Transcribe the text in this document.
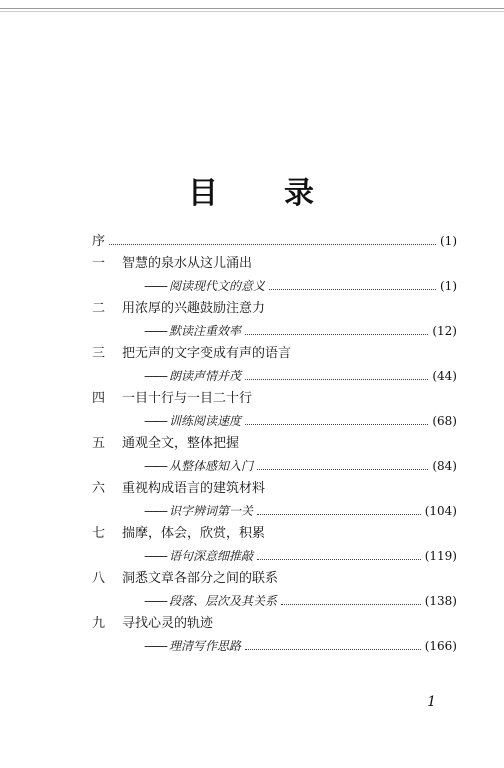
目 录
序	(1)
一	智慧的泉水从这儿涌出
—— 阅读现代文的意义	(1)
二	用浓厚的兴趣鼓励注意力
—— 默读注重效率	(12)
三	把无声的文字变成有声的语言
—— 朗读声情并茂	(44)
四	一目十行与一目二十行
—— 训练阅读速度	(68)
五	通观全文，整体把握
—— 从整体感知入门	(84)
六	重视构成语言的建筑材料
—— 识字辨词第一关	(104)
七	揣摩，体会，欣赏，积累
—— 语句深意细推敲	(119)
八	洞悉文章各部分之间的联系
—— 段落、层次及其关系	(138)
九	寻找心灵的轨迹
—— 理清写作思路	(166)
1
